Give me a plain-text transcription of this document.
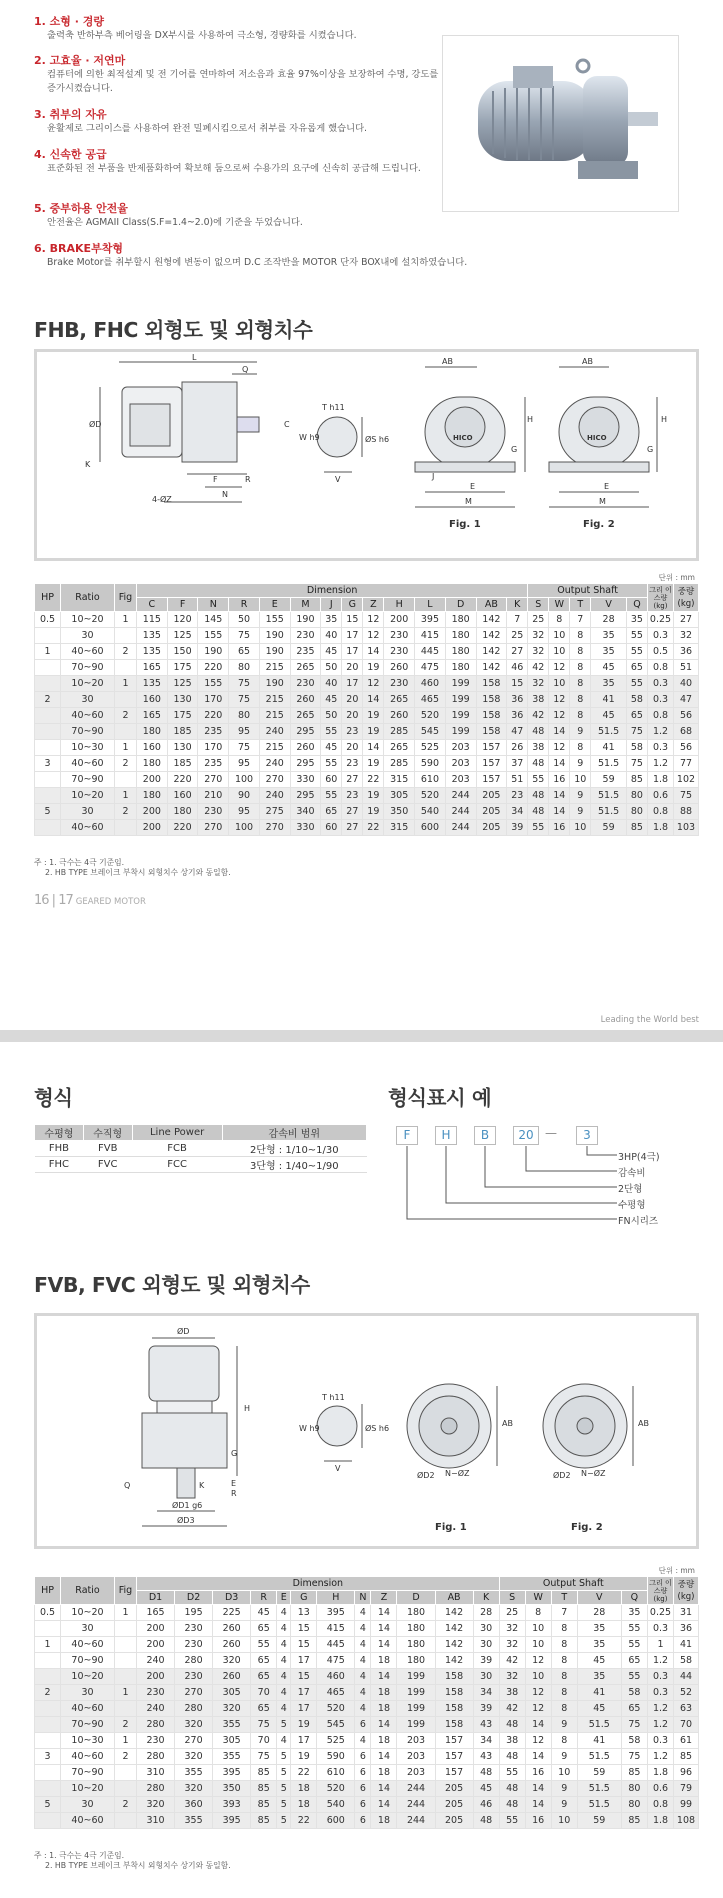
1. 소형 · 경량
출력축 반하부측 베어링을 DX부시를 사용하여 극소형, 경량화를 시켰습니다.
2. 고효율 · 저연마
컴퓨터에 의한 최적설계 및 전 기어를 연마하여 저소음과 효율 97%이상을 보장하여 수명, 강도를 증가시켰습니다.
3. 취부의 자유
윤활제로 그리이스를 사용하여 완전 밀폐시킴으로서 취부를 자유롭게 했습니다.
4. 신속한 공급
표준화된 전 부품을 반제품화하여 확보해 둠으로써 수용가의 요구에 신속히 공급해 드립니다.
5. 중부하용 안전율
안전율은 AGMAII Class(S.F=1.4~2.0)에 기준을 두었습니다.
6. BRAKE부착형
Brake Motor를 취부할시 원형에 변동이 없으며 D.C 조작반을 MOTOR 단자 BOX내에 설치하였습니다.
FHB, FHC 외형도 및 외형치수
L
Q
ØD
K
F
N
R
4-ØZ
C
T h11
W h9	ØS h6
V
AB
G
H
M
E
J
AB
G
H
M
E
HICO	HICO
Fig. 1	Fig. 2
단위 : mm
HP	Ratio	Fig	Dimension														Output Shaft					그리 이스량 (kg)	중량 (kg)
			C	F	N	R	E	M	J	G	Z	H	L	D	AB	K	S	W	T	V	Q		
0.5	10~20	1	115	120	145	50	155	190	35	15	12	200	395	180	142	7	25	8	7	28	35	0.25	27
	30		135	125	155	75	190	230	40	17	12	230	415	180	142	25	32	10	8	35	55	0.3	32
1	40~60	2	135	150	190	65	190	235	45	17	14	230	445	180	142	27	32	10	8	35	55	0.5	36
	70~90		165	175	220	80	215	265	50	20	19	260	475	180	142	46	42	12	8	45	65	0.8	51
	10~20	1	135	125	155	75	190	230	40	17	12	230	460	199	158	15	32	10	8	35	55	0.3	40
2	30		160	130	170	75	215	260	45	20	14	265	465	199	158	36	38	12	8	41	58	0.3	47
	40~60	2	165	175	220	80	215	265	50	20	19	260	520	199	158	36	42	12	8	45	65	0.8	56
	70~90		180	185	235	95	240	295	55	23	19	285	545	199	158	47	48	14	9	51.5	75	1.2	68
	10~30	1	160	130	170	75	215	260	45	20	14	265	525	203	157	26	38	12	8	41	58	0.3	56
3	40~60	2	180	185	235	95	240	295	55	23	19	285	590	203	157	37	48	14	9	51.5	75	1.2	77
	70~90		200	220	270	100	270	330	60	27	22	315	610	203	157	51	55	16	10	59	85	1.8	102
	10~20	1	180	160	210	90	240	295	55	23	19	305	520	244	205	23	48	14	9	51.5	80	0.6	75
5	30	2	200	180	230	95	275	340	65	27	19	350	540	244	205	34	48	14	9	51.5	80	0.8	88
	40~60		200	220	270	100	270	330	60	27	22	315	600	244	205	39	55	16	10	59	85	1.8	103
주 : 1. 극수는 4극 기준임.
2. HB TYPE 브레이크 부착시 외형치수 상기와 동일함.
16 | 17 GEARED MOTOR
Leading the World best
형식
수평형	수직형	Line Power	감속비 범위
FHB	FVB	FCB	2단형 : 1/10~1/30
FHC	FVC	FCC	3단형 : 1/40~1/90
형식표시 예
F	H	B	20 —	3
3HP(4극)
감속비
2단형
수평형
FN시리즈
FVB, FVC 외형도 및 외형치수
ØD
H
K
Q
G
E
R
ØD1 g6
ØD3
T h11
W h9	ØS h6
V
AB
ØD2 N−ØZ
AB
ØD2 N−ØZ
Fig. 1	Fig. 2
단위 : mm
HP	Ratio	Fig	Dimension												Output Shaft					그리 이스량 (kg)	중량 (kg)
			D1	D2	D3	R	E	G	H	N	Z	D	AB	K	S	W	T	V	Q		
0.5	10~20	1	165	195	225	45	4	13	395	4	14	180	142	28	25	8	7	28	35	0.25	31
	30		200	230	260	65	4	15	415	4	14	180	142	30	32	10	8	35	55	0.3	36
1	40~60		200	230	260	55	4	15	445	4	14	180	142	30	32	10	8	35	55	1	41
	70~90		240	280	320	65	4	17	475	4	18	180	142	39	42	12	8	45	65	1.2	58
	10~20		200	230	260	65	4	15	460	4	14	199	158	30	32	10	8	35	55	0.3	44
2	30	1	230	270	305	70	4	17	465	4	18	199	158	34	38	12	8	41	58	0.3	52
	40~60		240	280	320	65	4	17	520	4	18	199	158	39	42	12	8	45	65	1.2	63
	70~90	2	280	320	355	75	5	19	545	6	14	199	158	43	48	14	9	51.5	75	1.2	70
	10~30	1	230	270	305	70	4	17	525	4	18	203	157	34	38	12	8	41	58	0.3	61
3	40~60	2	280	320	355	75	5	19	590	6	14	203	157	43	48	14	9	51.5	75	1.2	85
	70~90		310	355	395	85	5	22	610	6	18	203	157	48	55	16	10	59	85	1.8	96
	10~20		280	320	350	85	5	18	520	6	14	244	205	45	48	14	9	51.5	80	0.6	79
5	30	2	320	360	393	85	5	18	540	6	14	244	205	46	48	14	9	51.5	80	0.8	99
	40~60		310	355	395	85	5	22	600	6	18	244	205	48	55	16	10	59	85	1.8	108
주 : 1. 극수는 4극 기준임.
2. HB TYPE 브레이크 부착시 외형치수 상기와 동일함.
